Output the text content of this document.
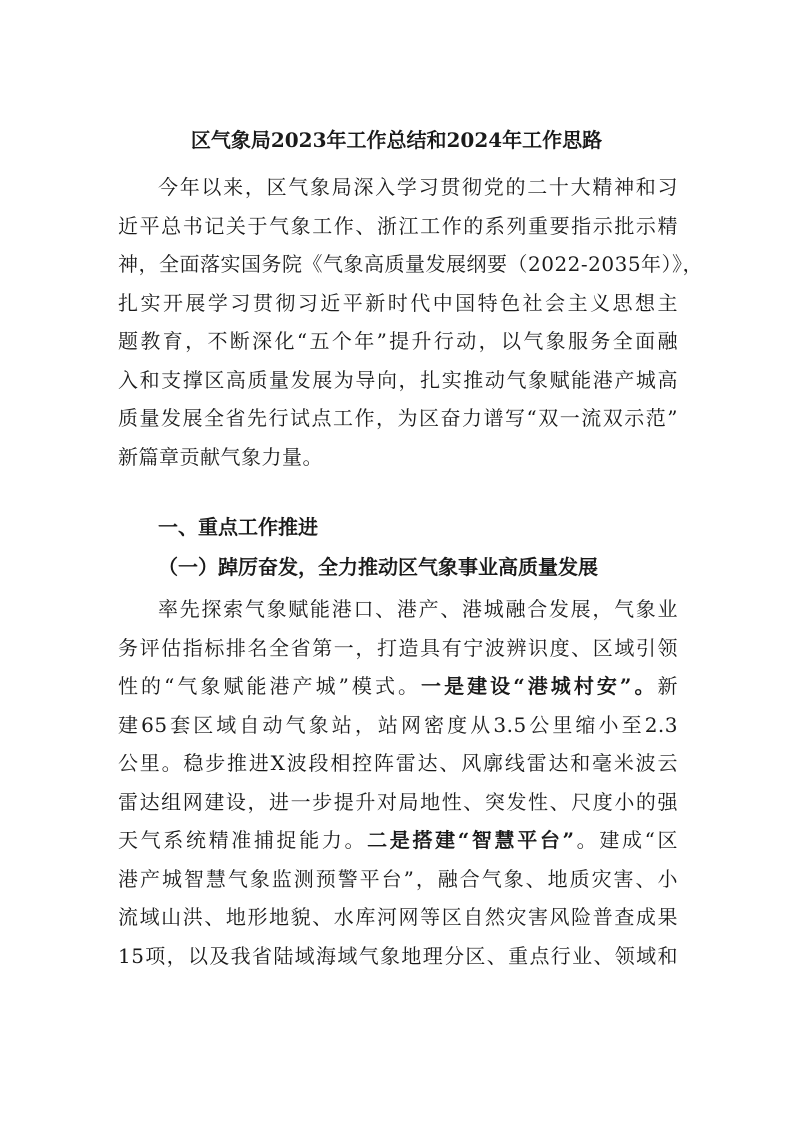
区气象局2023年工作总结和2024年工作思路
今年以来，区气象局深入学习贯彻党的二十大精神和习
近平总书记关于气象工作、浙江工作的系列重要指示批示精
神，全面落实国务院《气象高质量发展纲要（2022-2035年）》，
扎实开展学习贯彻习近平新时代中国特色社会主义思想主
题教育，不断深化“五个年”提升行动，以气象服务全面融
入和支撑区高质量发展为导向，扎实推动气象赋能港产城高
质量发展全省先行试点工作，为区奋力谱写“双一流双示范”
新篇章贡献气象力量。
一、重点工作推进
（一）踔厉奋发，全力推动区气象事业高质量发展
率先探索气象赋能港口、港产、港城融合发展，气象业
务评估指标排名全省第一，打造具有宁波辨识度、区域引领
性的“气象赋能港产城”模式。一是建设“港城村安”。新
建65套区域自动气象站，站网密度从3.5公里缩小至2.3
公里。稳步推进X波段相控阵雷达、风廓线雷达和毫米波云
雷达组网建设，进一步提升对局地性、突发性、尺度小的强
天气系统精准捕捉能力。二是搭建“智慧平台”。建成“区
港产城智慧气象监测预警平台”，融合气象、地质灾害、小
流域山洪、地形地貌、水库河网等区自然灾害风险普查成果
15项，以及我省陆域海域气象地理分区、重点行业、领域和
